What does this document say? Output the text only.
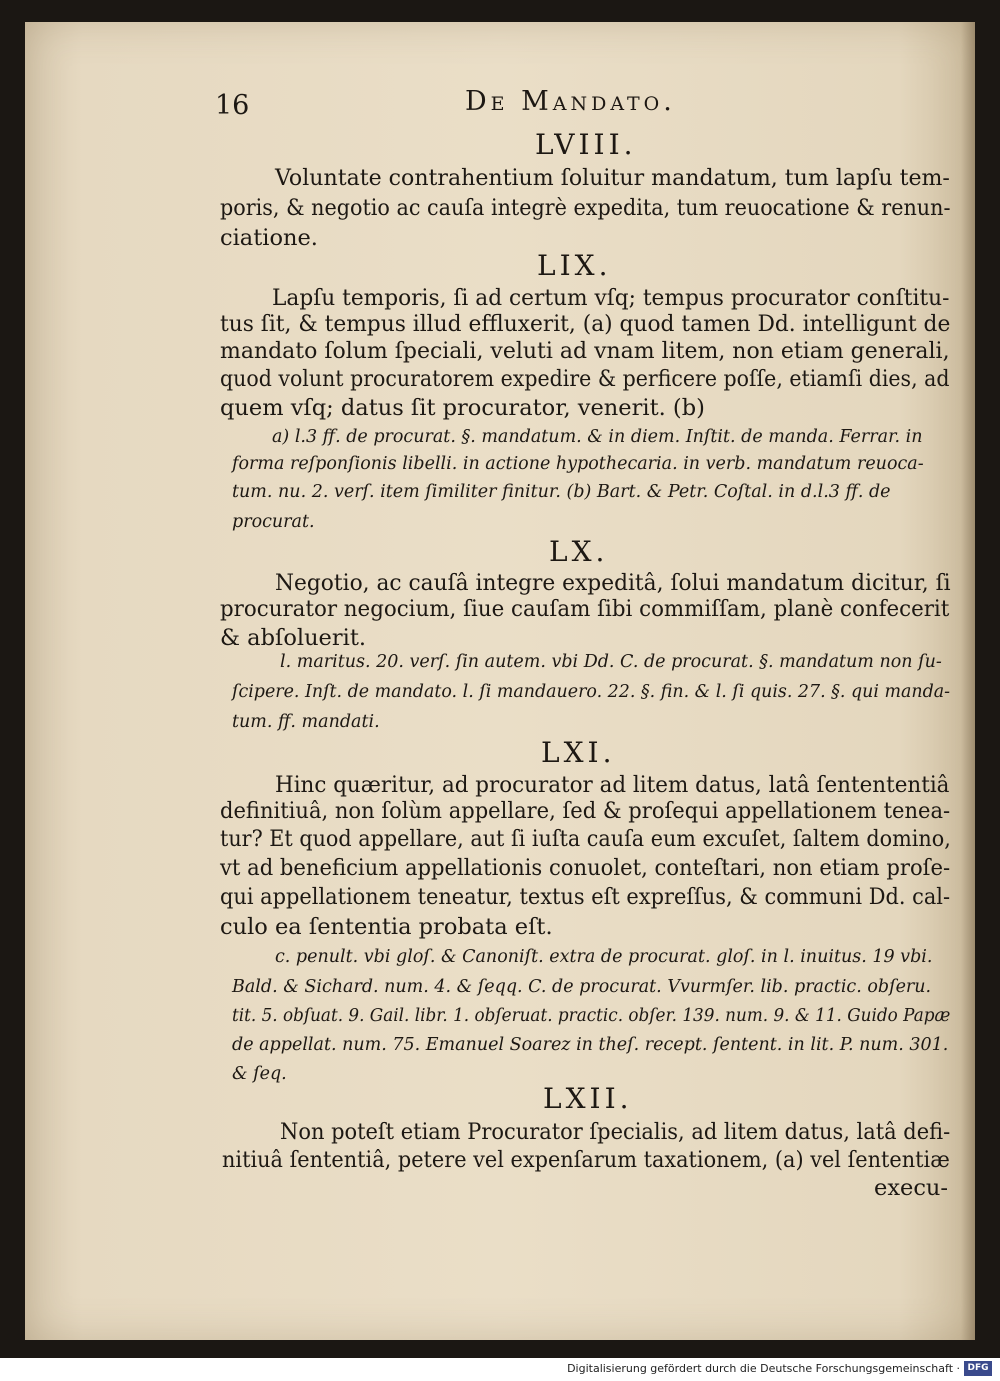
16	De Mandato.
LVIII.
Voluntate contrahentium ſoluitur mandatum, tum lapſu tem-
poris, & negotio ac cauſa integrè expedita, tum reuocatione & renun-
ciatione.
LIX.
Lapſu temporis, ſi ad certum vſq; tempus procurator conſtitu-
tus ſit, & tempus illud effluxerit, (a) quod tamen Dd. intelligunt de
mandato ſolum ſpeciali, veluti ad vnam litem, non etiam generali,
quod volunt procuratorem expedire & perficere poſſe, etiamſi dies, ad
quem vſq; datus ſit procurator, venerit. (b)
a) l.3 ff. de procurat. §. mandatum. & in diem. Inſtit. de manda. Ferrar. in
forma reſponſionis libelli. in actione hypothecaria. in verb. mandatum reuoca-
tum. nu. 2. verſ. item ſimiliter finitur. (b) Bart. & Petr. Coſtal. in d.l.3 ff. de
procurat.
LX.
Negotio, ac cauſâ integre expeditâ, ſolui mandatum dicitur, ſi
procurator negocium, ſiue cauſam ſibi commiſſam, planè confecerit
& abſoluerit.
l. maritus. 20. verſ. ſin autem. vbi Dd. C. de procurat. §. mandatum non ſu-
ſcipere. Inſt. de mandato. l. ſi mandauero. 22. §. fin. & l. ſi quis. 27. §. qui manda-
tum. ff. mandati.
LXI.
Hinc quæritur, ad procurator ad litem datus, latâ ſentententiâ
definitiuâ, non ſolùm appellare, ſed & proſequi appellationem tenea-
tur? Et quod appellare, aut ſi iuſta cauſa eum excuſet, ſaltem domino,
vt ad beneficium appellationis conuolet, conteſtari, non etiam proſe-
qui appellationem teneatur, textus eſt expreſſus, & communi Dd. cal-
culo ea ſententia probata eſt.
c. penult. vbi gloſ. & Canoniſt. extra de procurat. gloſ. in l. inuitus. 19 vbi.
Bald. & Sichard. num. 4. & ſeqq. C. de procurat. Vvurmſer. lib. practic. obſeru.
tit. 5. obſuat. 9. Gail. libr. 1. obſeruat. practic. obſer. 139. num. 9. & 11. Guido Papæ
de appellat. num. 75. Emanuel Soarez in theſ. recept. ſentent. in lit. P. num. 301.
& ſeq.
LXII.
Non poteſt etiam Procurator ſpecialis, ad litem datus, latâ defi-
nitiuâ ſententiâ, petere vel expenſarum taxationem, (a) vel ſententiæ
execu-
Digitalisierung gefördert durch die Deutsche Forschungsgemeinschaft · DFG
